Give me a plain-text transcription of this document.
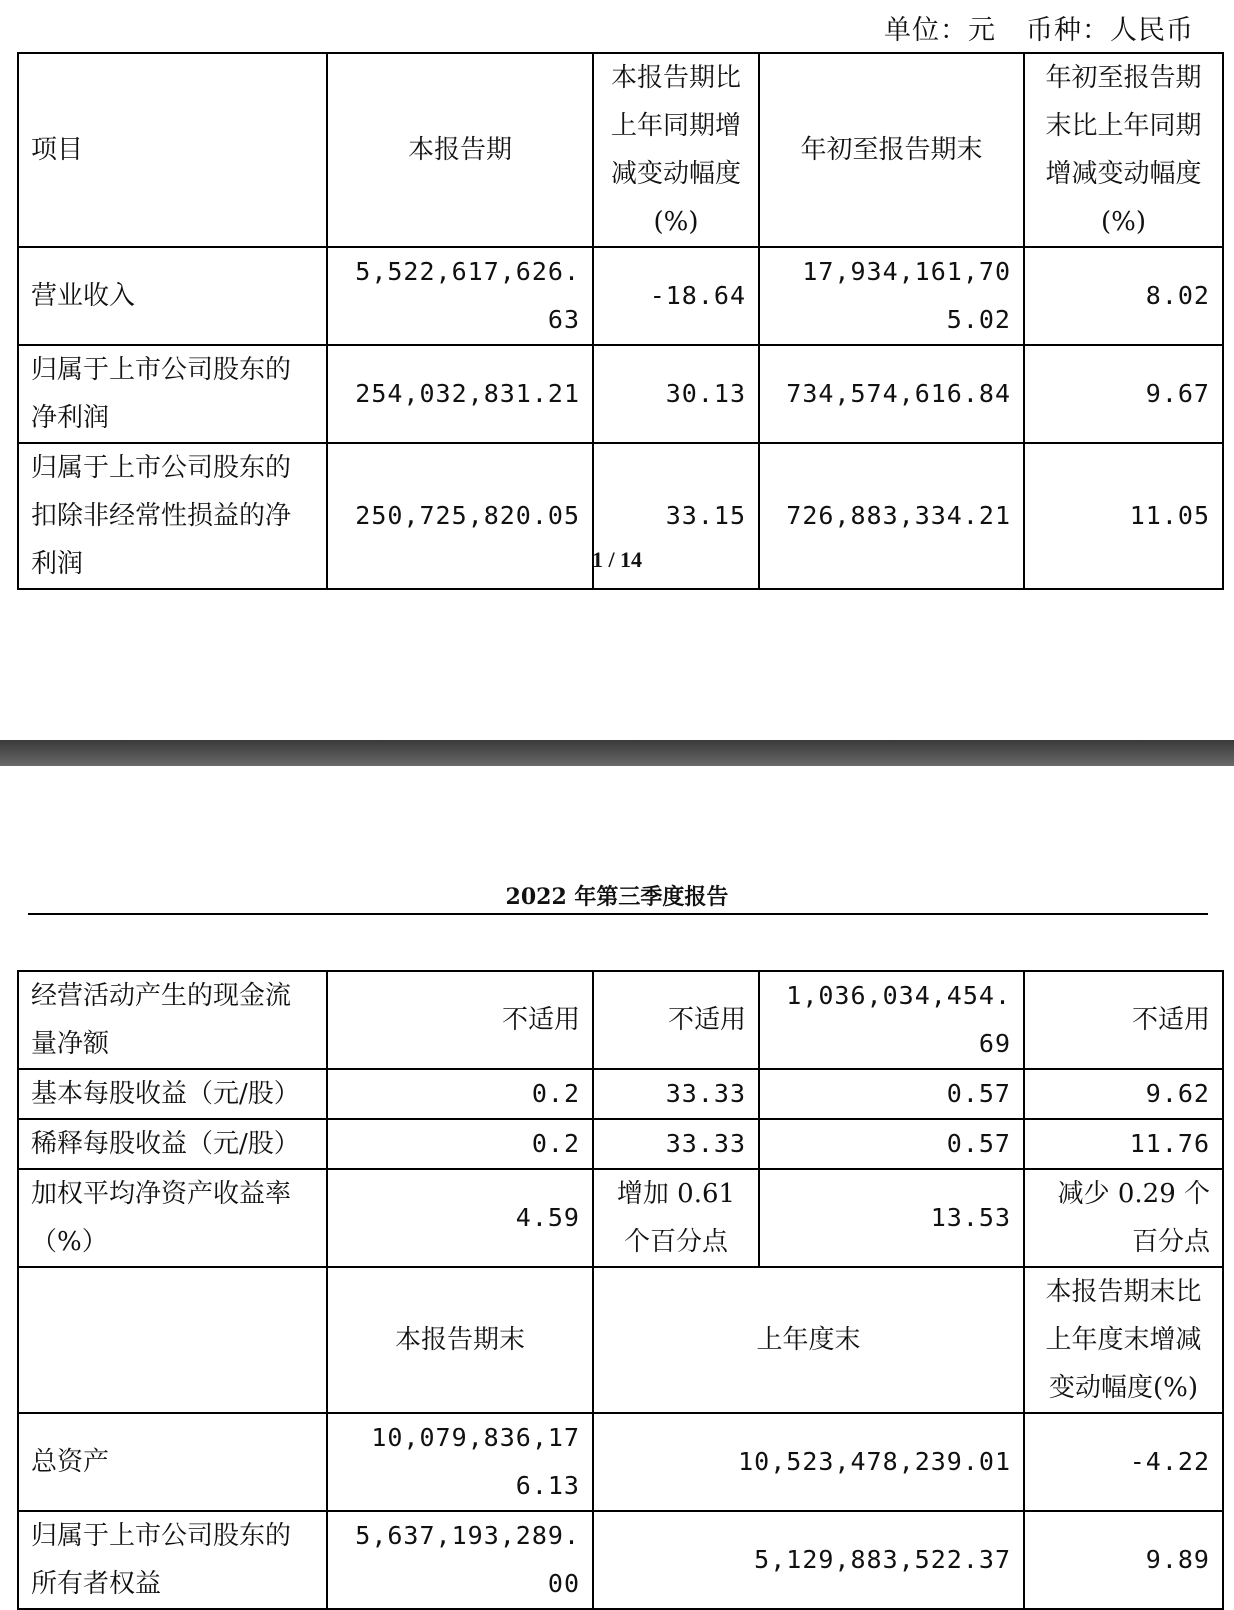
单位：元 币种：人民币
项目	本报告期	本报告期比上年同期增减变动幅度(%)	年初至报告期末	年初至报告期末比上年同期增减变动幅度(%)
营业收入	5,522,617,626.63	-18.64	17,934,161,705.02	8.02
归属于上市公司股东的净利润	254,032,831.21	30.13	734,574,616.84	9.67
归属于上市公司股东的扣除非经常性损益的净利润	250,725,820.05	33.15	726,883,334.21	11.05
1 / 14
2022 年第三季度报告
经营活动产生的现金流量净额	不适用	不适用	1,036,034,454.69	不适用
基本每股收益（元/股）	0.2	33.33	0.57	9.62
稀释每股收益（元/股）	0.2	33.33	0.57	11.76
加权平均净资产收益率（%）	4.59	增加 0.61 个百分点	13.53	减少 0.29 个百分点
	本报告期末	上年度末		本报告期末比上年度末增减变动幅度(%)
总资产	10,079,836,176.13	10,523,478,239.01		-4.22
归属于上市公司股东的所有者权益	5,637,193,289.00	5,129,883,522.37		9.89
